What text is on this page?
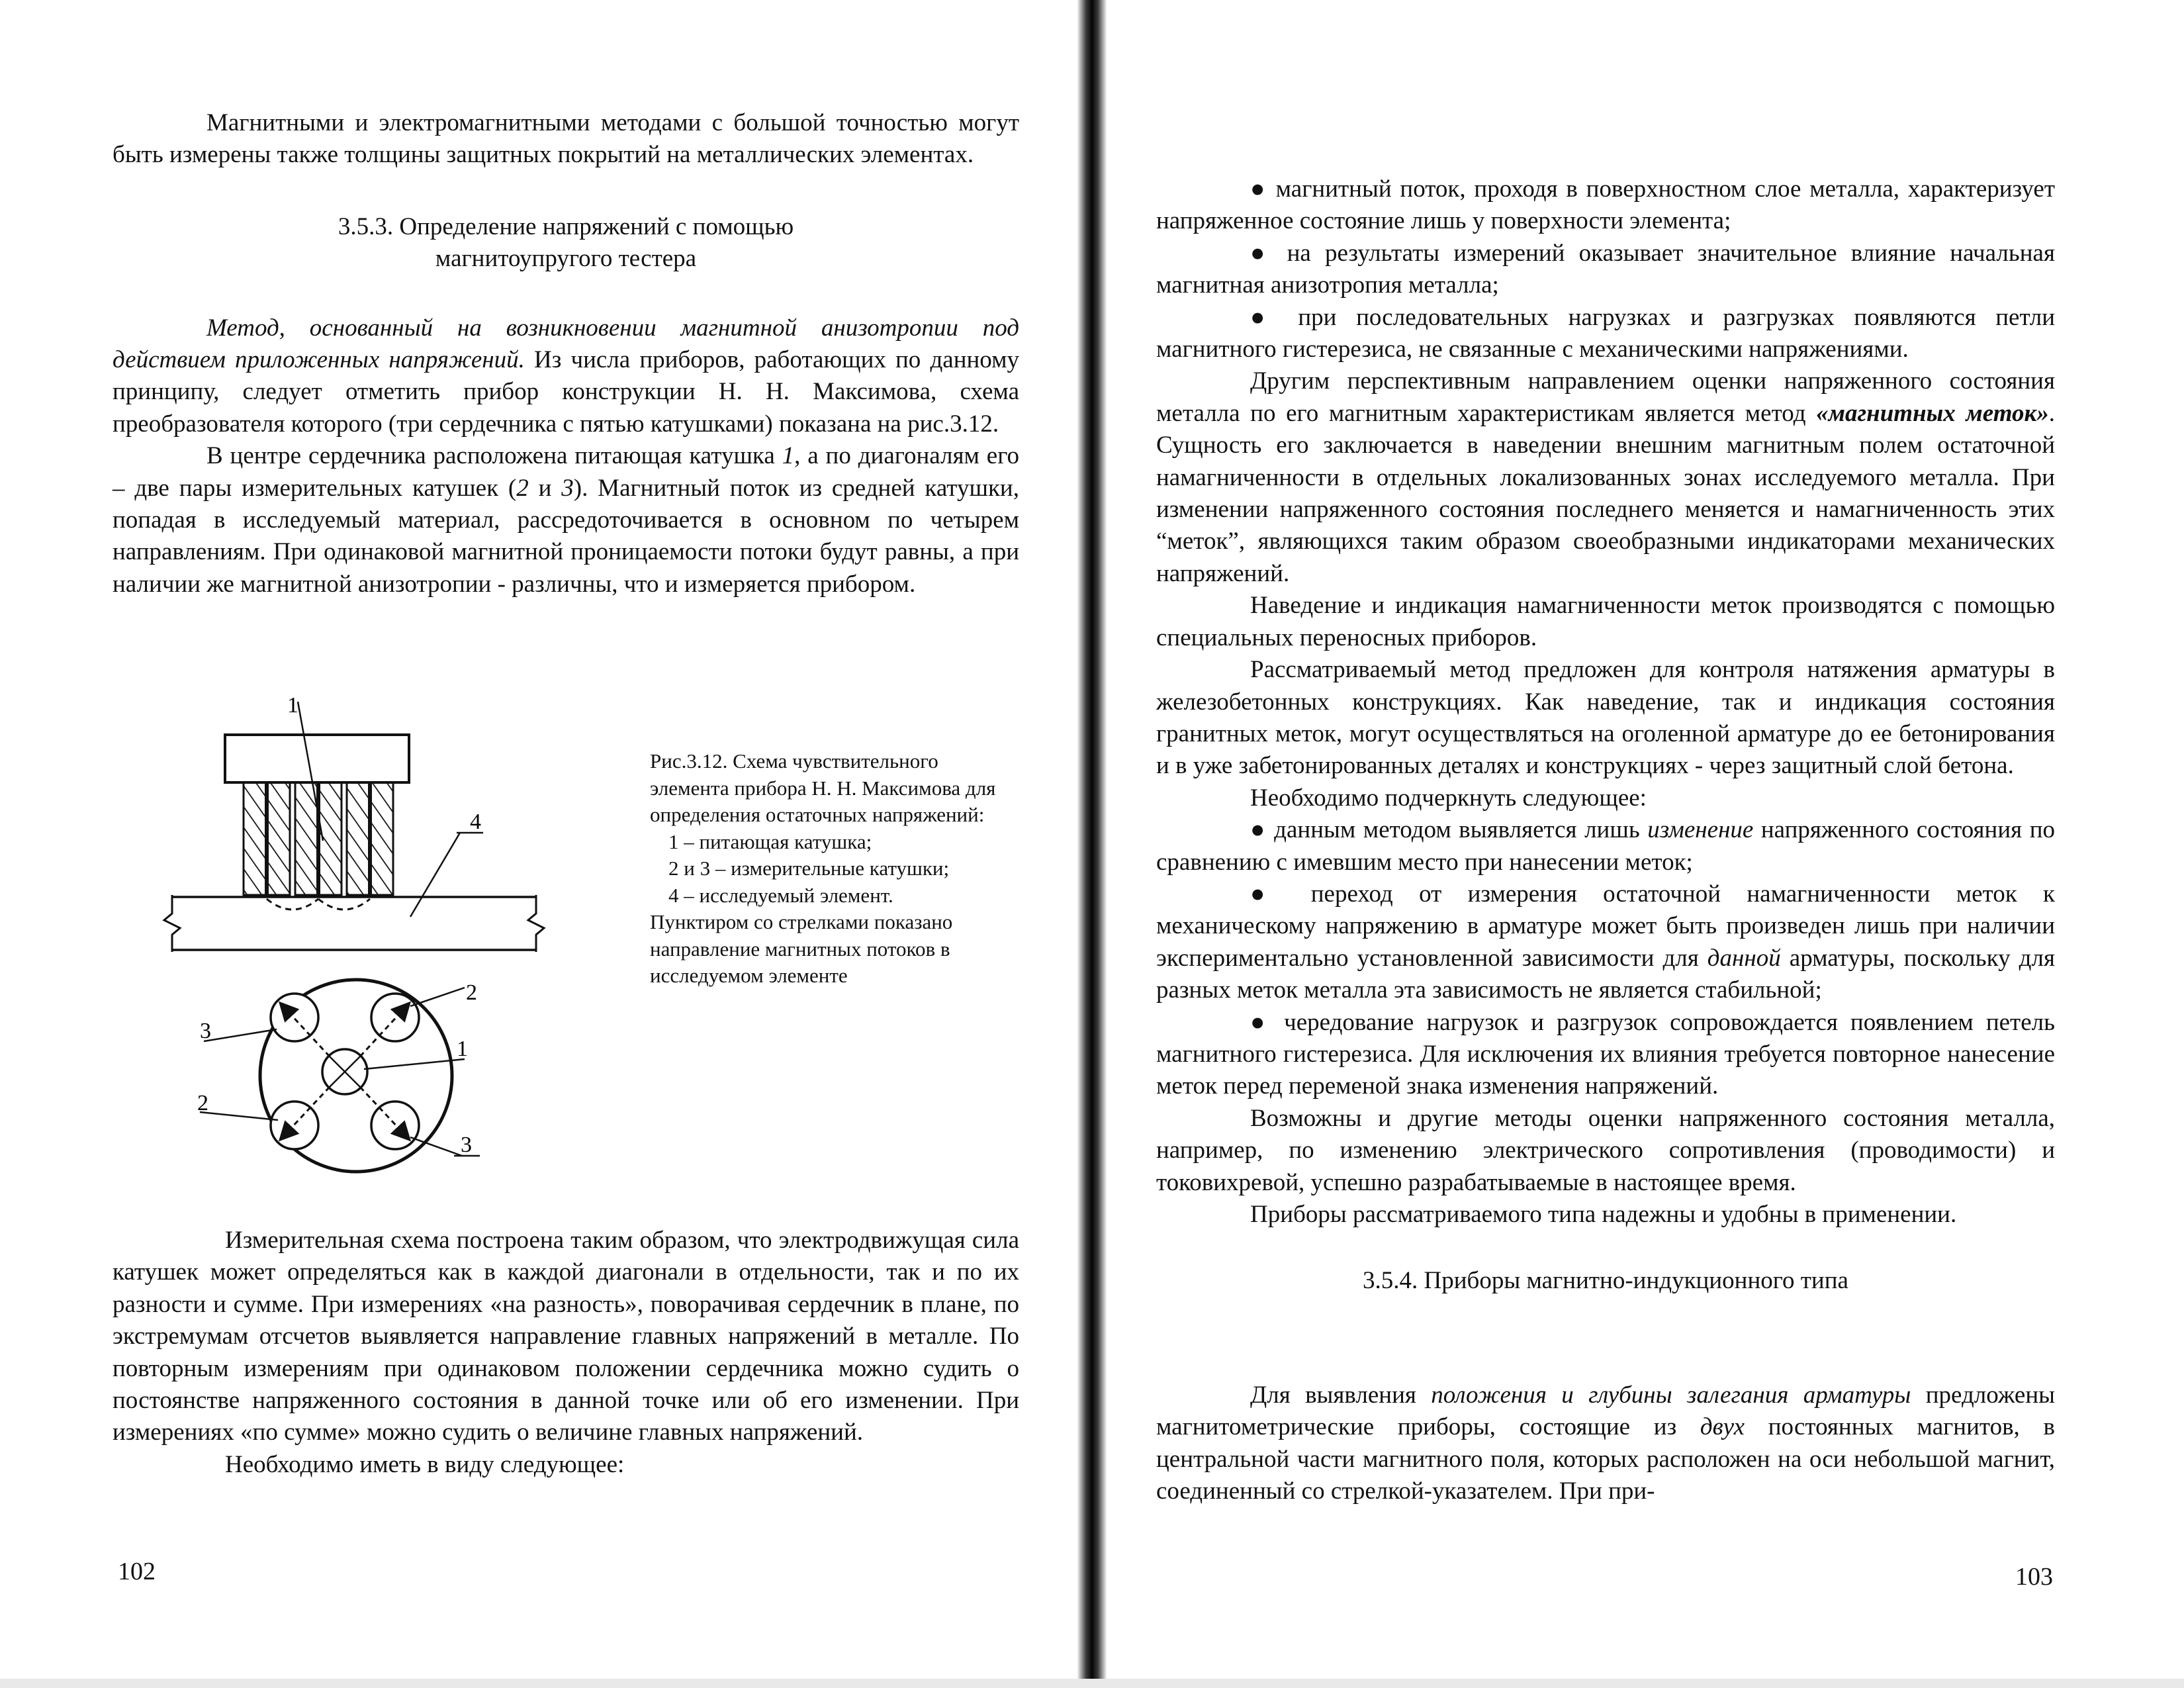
Магнитными и электромагнитными методами с большой точностью могут быть измерены также толщины защитных покрытий на металлических элементах.

3.5.3. Определение напряжений с помощью

магнитоупругого тестера

Метод, основанный на возникновении магнитной анизотропии под действием приложенных напряжений. Из числа приборов, работающих по данному принципу, следует отметить прибор конструкции Н. Н. Максимова, схема преобразователя которого (три сердечника с пятью катушками) показана на рис.3.12.

В центре сердечника расположена питающая катушка 1, а по диагоналям его – две пары измерительных катушек (2 и 3). Магнитный поток из средней катушки, попадая в исследуемый материал, рассредоточивается в основном по четырем направлениям. При одинаковой магнитной проницаемости потоки будут равны, а при наличии же магнитной анизотропии - различны, что и измеряется прибором.

1
4
3
2
1
2
3

Рис.3.12. Схема чувствительного элемента прибора Н. Н. Максимова для определения остаточных напряжений:

1 – питающая катушка;

2 и 3 – измерительные катушки;

4 – исследуемый элемент.

Пунктиром со стрелками показано направление магнитных потоков в исследуемом элементе

Измерительная схема построена таким образом, что электродвижущая сила катушек может определяться как в каждой диагонали в отдельности, так и по их разности и сумме. При измерениях «на разность», поворачивая сердечник в плане, по экстремумам отсчетов выявляется направление главных напряжений в металле. По повторным измерениям при одинаковом положении сердечника можно судить о постоянстве напряженного состояния в данной точке или об его изменении. При измерениях «по сумме» можно судить о величине главных напряжений.

Необходимо иметь в виду следующее:

102

● магнитный поток, проходя в поверхностном слое металла, характеризует напряженное состояние лишь у поверхности элемента;

● на результаты измерений оказывает значительное влияние начальная магнитная анизотропия металла;

● при последовательных нагрузках и разгрузках появляются петли магнитного гистерезиса, не связанные с механическими напряжениями.

Другим перспективным направлением оценки напряженного состояния металла по его магнитным характеристикам является метод «магнитных меток». Сущность его заключается в наведении внешним магнитным полем остаточной намагниченности в отдельных локализованных зонах исследуемого металла. При изменении напряженного состояния последнего меняется и намагниченность этих “меток”, являющихся таким образом своеобразными индикаторами механических напряжений.

Наведение и индикация намагниченности меток производятся с помощью специальных переносных приборов.

Рассматриваемый метод предложен для контроля натяжения арматуры в железобетонных конструкциях. Как наведение, так и индикация состояния гранитных меток, могут осуществляться на оголенной арматуре до ее бетонирования и в уже забетонированных деталях и конструкциях - через защитный слой бетона.

Необходимо подчеркнуть следующее:

● данным методом выявляется лишь изменение напряженного состояния по сравнению с имевшим место при нанесении меток;

● переход от измерения остаточной намагниченности меток к механическому напряжению в арматуре может быть произведен лишь при наличии экспериментально установленной зависимости для данной арматуры, поскольку для разных меток металла эта зависимость не является стабильной;

● чередование нагрузок и разгрузок сопровождается появлением петель магнитного гистерезиса. Для исключения их влияния требуется повторное нанесение меток перед переменой знака изменения напряжений.

Возможны и другие методы оценки напряженного состояния металла, например, по изменению электрического сопротивления (проводимости) и токовихревой, успешно разрабатываемые в настоящее время.

Приборы рассматриваемого типа надежны и удобны в применении.

3.5.4. Приборы магнитно-индукционного типа

Для выявления положения и глубины залегания арматуры предложены магнитометрические приборы, состоящие из двух постоянных магнитов, в центральной части магнитного поля, которых расположен на оси небольшой магнит, соединенный со стрелкой-указателем. При при-

103
